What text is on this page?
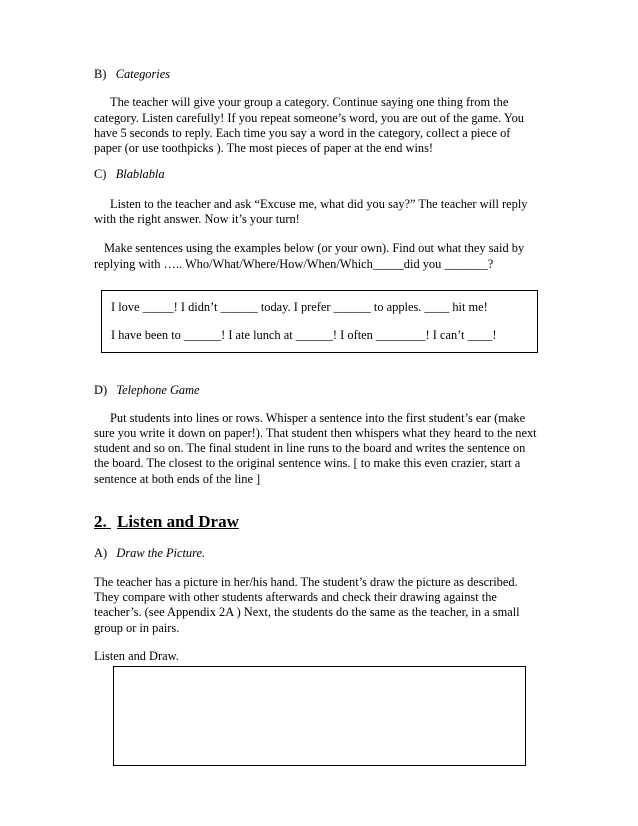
B) Categories
The teacher will give your group a category. Continue saying one thing from the
category. Listen carefully! If you repeat someone’s word, you are out of the game. You
have 5 seconds to reply. Each time you say a word in the category, collect a piece of
paper (or use toothpicks ). The most pieces of paper at the end wins!
C) Blablabla
Listen to the teacher and ask “Excuse me, what did you say?” The teacher will reply
with the right answer. Now it’s your turn!
Make sentences using the examples below (or your own). Find out what they said by
replying with ….. Who/What/Where/How/When/Which_____did you _______?
I love _____! I didn’t ______ today. I prefer ______ to apples. ____ hit me!
I have been to ______! I ate lunch at ______! I often ________! I can’t ____!
D) Telephone Game
Put students into lines or rows. Whisper a sentence into the first student’s ear (make
sure you write it down on paper!). That student then whispers what they heard to the next
student and so on. The final student in line runs to the board and writes the sentence on
the board. The closest to the original sentence wins. [ to make this even crazier, start a
sentence at both ends of the line ]
2. Listen and Draw
A) Draw the Picture.
The teacher has a picture in her/his hand. The student’s draw the picture as described.
They compare with other students afterwards and check their drawing against the
teacher’s. (see Appendix 2A ) Next, the students do the same as the teacher, in a small
group or in pairs.
Listen and Draw.
